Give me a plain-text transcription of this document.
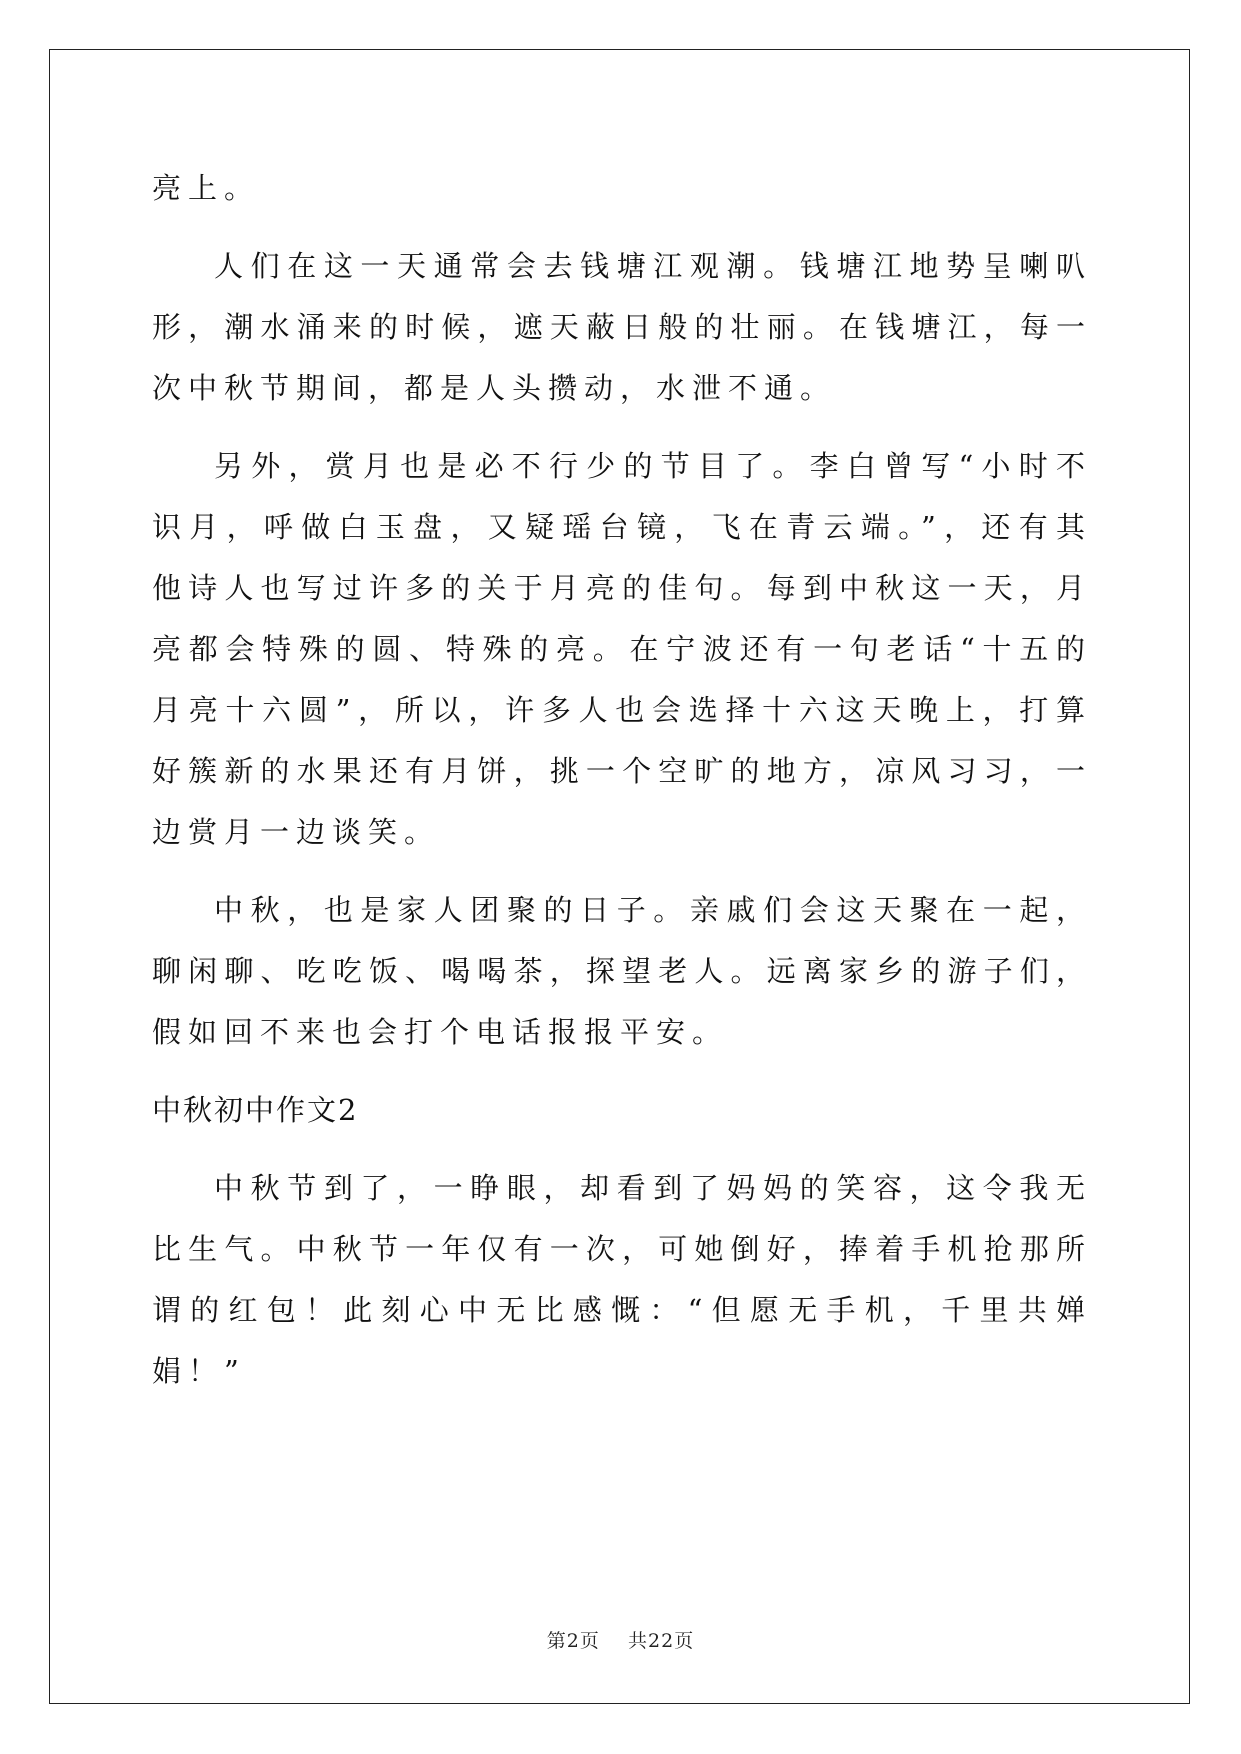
亮上。

人们在这一天通常会去钱塘江观潮。钱塘江地势呈喇叭形，潮水涌来的时候，遮天蔽日般的壮丽。在钱塘江，每一次中秋节期间，都是人头攒动，水泄不通。

另外，赏月也是必不行少的节目了。李白曾写“小时不识月，呼做白玉盘，又疑瑶台镜，飞在青云端。”，还有其他诗人也写过许多的关于月亮的佳句。每到中秋这一天，月亮都会特殊的圆、特殊的亮。在宁波还有一句老话“十五的月亮十六圆”，所以，许多人也会选择十六这天晚上，打算好簇新的水果还有月饼，挑一个空旷的地方，凉风习习，一边赏月一边谈笑。

中秋，也是家人团聚的日子。亲戚们会这天聚在一起，聊闲聊、吃吃饭、喝喝茶，探望老人。远离家乡的游子们，假如回不来也会打个电话报报平安。

中秋初中作文2

中秋节到了，一睁眼，却看到了妈妈的笑容，这令我无比生气。中秋节一年仅有一次，可她倒好，捧着手机抢那所谓的红包！此刻心中无比感慨：“但愿无手机，千里共婵娟！”

第2页 共22页
